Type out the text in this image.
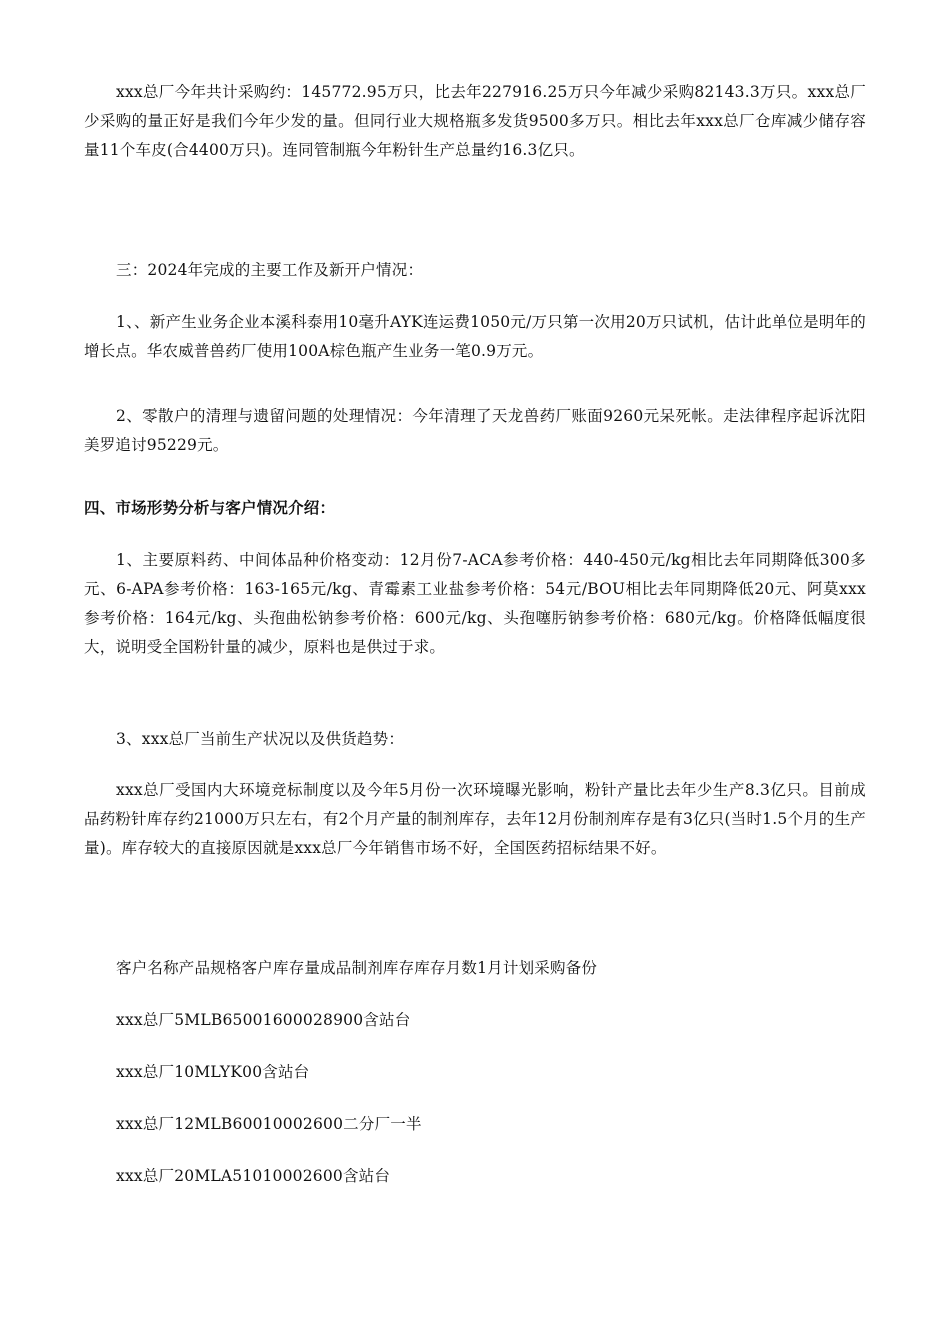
xxx总厂今年共计采购约：145772.95万只，比去年227916.25万只今年减少采购82143.3万只。xxx总厂少采购的量正好是我们今年少发的量。但同行业大规格瓶多发货9500多万只。相比去年xxx总厂仓库减少储存容量11个车皮(合4400万只)。连同管制瓶今年粉针生产总量约16.3亿只。
三：2024年完成的主要工作及新开户情况：
1、、新产生业务企业本溪科泰用10毫升AYK连运费1050元/万只第一次用20万只试机，估计此单位是明年的增长点。华农威普兽药厂使用100A棕色瓶产生业务一笔0.9万元。
2、零散户的清理与遗留问题的处理情况：今年清理了天龙兽药厂账面9260元呆死帐。走法律程序起诉沈阳美罗追讨95229元。
四、市场形势分析与客户情况介绍：
1、主要原料药、中间体品种价格变动：12月份7-ACA参考价格：440-450元/kg相比去年同期降低300多元、6-APA参考价格：163-165元/kg、青霉素工业盐参考价格：54元/BOU相比去年同期降低20元、阿莫xxx参考价格：164元/kg、头孢曲松钠参考价格：600元/kg、头孢噻肟钠参考价格：680元/kg。价格降低幅度很大，说明受全国粉针量的减少，原料也是供过于求。
3、xxx总厂当前生产状况以及供货趋势：
xxx总厂受国内大环境竞标制度以及今年5月份一次环境曝光影响，粉针产量比去年少生产8.3亿只。目前成品药粉针库存约21000万只左右，有2个月产量的制剂库存，去年12月份制剂库存是有3亿只(当时1.5个月的生产量)。库存较大的直接原因就是xxx总厂今年销售市场不好，全国医药招标结果不好。
客户名称产品规格客户库存量成品制剂库存库存月数1月计划采购备份
xxx总厂5MLB65001600028900含站台
xxx总厂10MLYK00含站台
xxx总厂12MLB60010002600二分厂一半
xxx总厂20MLA51010002600含站台
